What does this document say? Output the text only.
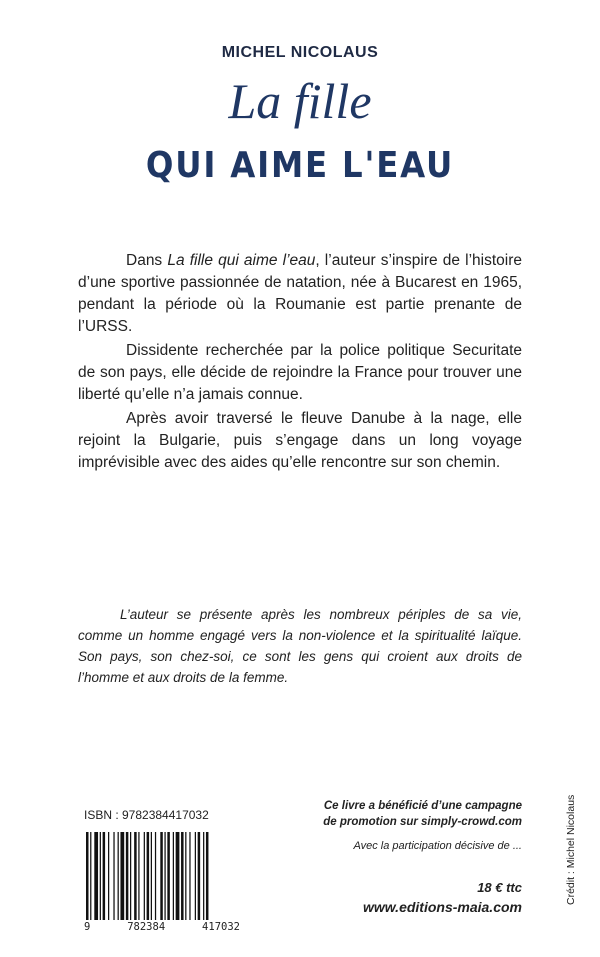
MICHEL NICOLAUS
La fille
QUI AIME L'EAU

Dans La fille qui aime l’eau, l’auteur s’inspire de l’histoire d’une sportive passionnée de natation, née à Bucarest en 1965, pendant la période où la Roumanie est partie prenante de l’URSS.

Dissidente recherchée par la police politique Securitate de son pays, elle décide de rejoindre la France pour trouver une liberté qu’elle n’a jamais connue.

Après avoir traversé le fleuve Danube à la nage, elle rejoint la Bulgarie, puis s’engage dans un long voyage imprévisible avec des aides qu’elle rencontre sur son chemin.

L’auteur se présente après les nombreux périples de sa vie, comme un homme engagé vers la non-violence et la spiritualité laïque. Son pays, son chez-soi, ce sont les gens qui croient aux droits de l’homme et aux droits de la femme.

ISBN : 9782384417032
9	782384	417032
Ce livre a bénéficié d’une campagne
de promotion sur simply-crowd.com
Avec la participation décisive de ...
18 € ttc
www.editions-maia.com
Crédit : Michel Nicolaus
